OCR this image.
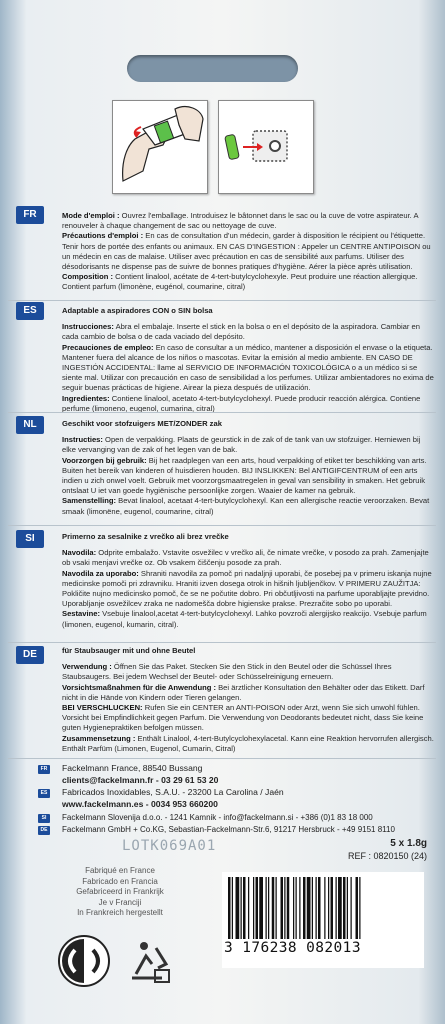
FR	Mode d'emploi : Ouvrez l'emballage. Introduisez le bâtonnet dans le sac ou la cuve de votre aspirateur. A renouveler à chaque changement de sac ou nettoyage de cuve.

Précautions d'emploi : En cas de consultation d'un médecin, garder à disposition le récipient ou l'étiquette. Tenir hors de portée des enfants ou animaux. EN CAS D'INGESTION : Appeler un CENTRE ANTIPOISON ou un médecin en cas de malaise. Utiliser avec précaution en cas de sensibilité aux parfums. Utiliser des désodorisants ne dispense pas de suivre de bonnes pratiques d'hygiène. Aérer la pièce après utilisation.

Composition : Contient linalool, acétate de 4-tert-butylcyclohexyle. Peut produire une réaction allergique. Contient parfum (limonène, eugénol, coumarine, citral)

ES	Adaptable a aspiradores CON o SIN bolsa

Instrucciones: Abra el embalaje. Inserte el stick en la bolsa o en el depósito de la aspiradora. Cambiar en cada cambio de bolsa o de cada vaciado del depósito.

Precauciones de empleo: En caso de consultar a un médico, mantener a disposición el envase o la etiqueta. Mantener fuera del alcance de los niños o mascotas. Evitar la emisión al medio ambiente. EN CASO DE INGESTIÓN ACCIDENTAL: llame al SERVICIO DE INFORMACIÓN TOXICOLÓGICA o a un médico si se siente mal. Utilizar con precaución en caso de sensibilidad a los perfumes. Utilizar ambientadores no exima de seguir buenas prácticas de higiene. Airear la pieza después de utilización.

Ingredientes: Contiene linalool, acetato 4-tert-butylcyclohexyl. Puede producir reacción alérgica. Contiene perfume (limoneno, eugenol, cumarina, citral)

NL	Geschikt voor stofzuigers MET/ZONDER zak

Instructies: Open de verpakking. Plaats de geurstick in de zak of de tank van uw stofzuiger. Herniewen bij elke vervanging van de zak of het legen van de bak.

Voorzorgen bij gebruik: Bij het raadplegen van een arts, houd verpakking of etiket ter beschikking van arts. Buiten het bereik van kinderen of huisdieren houden. BIJ INSLIKKEN: Bel ANTIGIFCENTRUM of een arts indien u zich onwel voelt. Gebruik met voorzorgsmaatregelen in geval van sensibility in smaken. Het gebruik ontslaat U iet van goede hygiënische persoonlijke zorgen. Waaier de kamer na gebruik.

Samenstelling: Bevat linalool, acetaat 4-tert-butylcyclohexyl. Kan een allergische reactie veroorzaken. Bevat smaak (limonëne, eugenol, coumarine, citral)

SI	Primerno za sesalnike z vrečko ali brez vrečke

Navodila: Odprite embalažo. Vstavite osvežilec v vrečko ali, če nimate vrečke, v posodo za prah. Zamenjajte ob vsaki menjavi vrečke oz. Ob vsakem čiščenju posode za prah.

Navodila za uporabo: Shraniti navodila za pomoč pri nadaljnji uporabi, če posebej pa v primeru iskanja nujne medicinske pomoči pri zdravniku. Hraniti izven dosega otrok in hišnih ljubljenčkov. V PRIMERU ZAUŽITJA: Pokličite nujno medicinsko pomoč, če se ne počutite dobro. Pri občutljivosti na parfume uporabljajte previdno. Uporabljanje osvežilcev zraka ne nadomešča dobre higienske prakse. Prezračite sobo po uporabi.

Sestavine: Vsebuje linalool,acetat 4-tert-butylcyclohexyl. Lahko povzroči alergijsko reakcijo. Vsebuje parfum (limonen, eugenol, kumarin, citral).

DE	für Staubsauger mit und ohne Beutel

Verwendung : Öffnen Sie das Paket. Stecken Sie den Stick in den Beutel oder die Schüssel Ihres Staubsaugers. Bei jedem Wechsel der Beutel- oder Schüsselreinigung erneuern.

Vorsichtsmaßnahmen für die Anwendung : Bei ärztlicher Konsultation den Behälter oder das Etikett. Darf nicht in die Hände von Kindern oder Tieren gelangen.

BEI VERSCHLUCKEN: Rufen Sie ein CENTER an ANTI-POISON oder Arzt, wenn Sie sich unwohl fühlen. Vorsicht bei Empfindlichkeit gegen Parfum. Die Verwendung von Deodorants bedeutet nicht, dass Sie keine guten Hygienepraktiken befolgen müssen.

Zusammensetzung : Enthält Linalool, 4-tert-Butylcyclohexylacetal. Kann eine Reaktion hervorrufen allergisch. Enthält Parfüm (Limonen, Eugenol, Cumarin, Citral)

FR	Fackelmann France, 88540 Bussang
clients@fackelmann.fr - 03 29 61 53 20
ES	Fabricados Inoxidables, S.A.U. - 23200 La Carolina / Jaén
www.fackelmann.es - 0034 953 660200
SI	Fackelmann Slovenija d.o.o. - 1241 Kamnik - info@fackelmann.si - +386 (0)1 83 18 000
DE	Fackelmann GmbH + Co.KG, Sebastian-Fackelmann-Str.6, 91217 Hersbruck - +49 9151 8110
LOTK069A01	5 x 1.8g
REF : 0820150 (24)
Fabriqué en France
Fabricado en Francia
Gefabriceerd in Frankrijk
Je v Franciji
In Frankreich hergestellt
3 176238 082013
